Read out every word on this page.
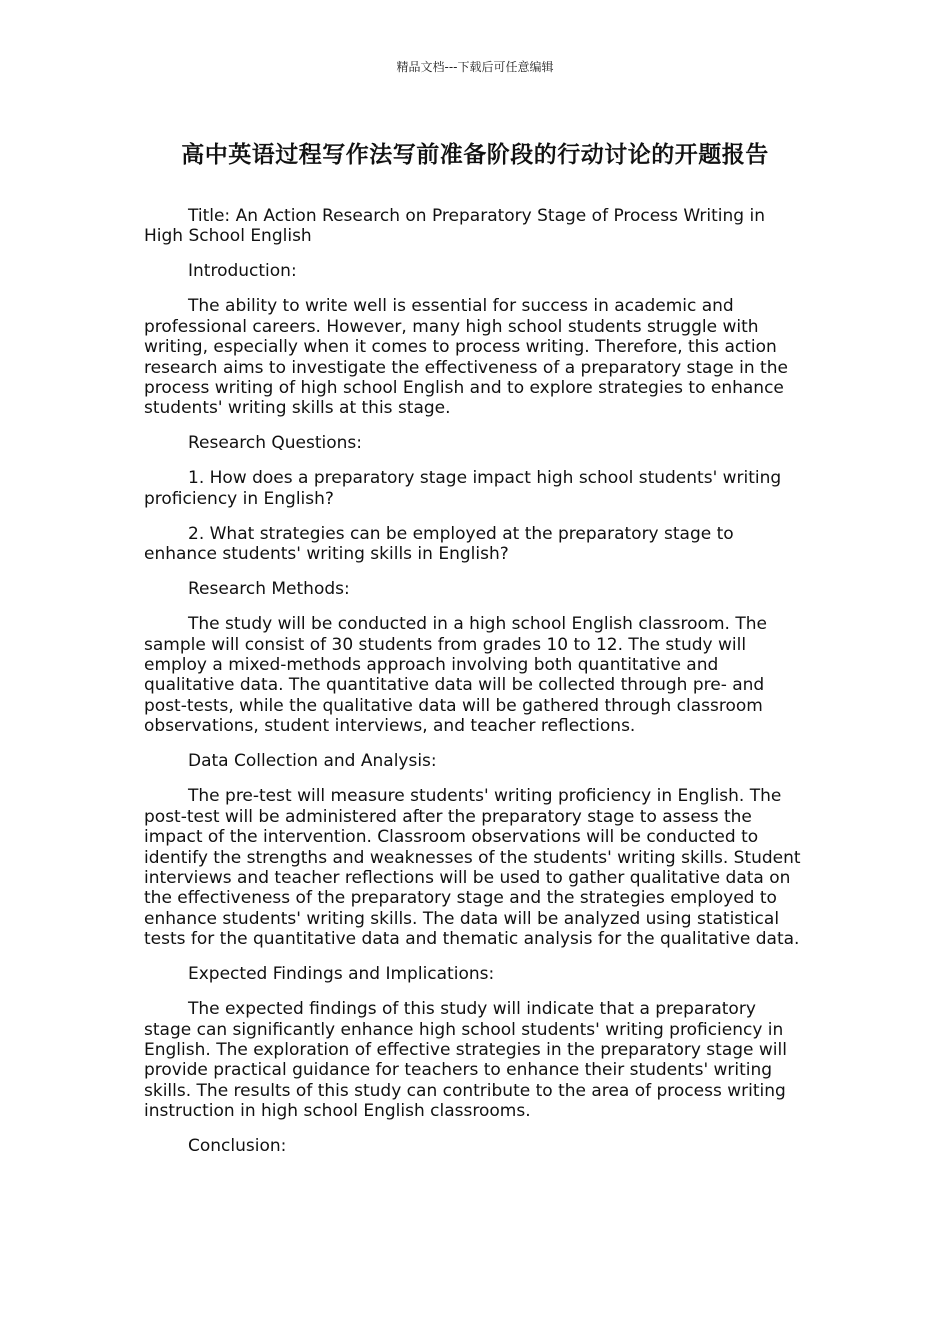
精品文档---下载后可任意编辑
高中英语过程写作法写前准备阶段的行动讨论的开题报告

Title: An Action Research on Preparatory Stage of Process Writing in High School English

Introduction:

The ability to write well is essential for success in academic and professional careers. However, many high school students struggle with writing, especially when it comes to process writing. Therefore, this action research aims to investigate the effectiveness of a preparatory stage in the process writing of high school English and to explore strategies to enhance students' writing skills at this stage.

Research Questions:

1. How does a preparatory stage impact high school students' writing proficiency in English?

2. What strategies can be employed at the preparatory stage to enhance students' writing skills in English?

Research Methods:

The study will be conducted in a high school English classroom. The sample will consist of 30 students from grades 10 to 12. The study will employ a mixed-methods approach involving both quantitative and qualitative data. The quantitative data will be collected through pre- and post-tests, while the qualitative data will be gathered through classroom observations, student interviews, and teacher reflections.

Data Collection and Analysis:

The pre-test will measure students' writing proficiency in English. The post-test will be administered after the preparatory stage to assess the impact of the intervention. Classroom observations will be conducted to identify the strengths and weaknesses of the students' writing skills. Student interviews and teacher reflections will be used to gather qualitative data on the effectiveness of the preparatory stage and the strategies employed to enhance students' writing skills. The data will be analyzed using statistical tests for the quantitative data and thematic analysis for the qualitative data.

Expected Findings and Implications:

The expected findings of this study will indicate that a preparatory stage can significantly enhance high school students' writing proficiency in English. The exploration of effective strategies in the preparatory stage will provide practical guidance for teachers to enhance their students' writing skills. The results of this study can contribute to the area of process writing instruction in high school English classrooms.

Conclusion:
